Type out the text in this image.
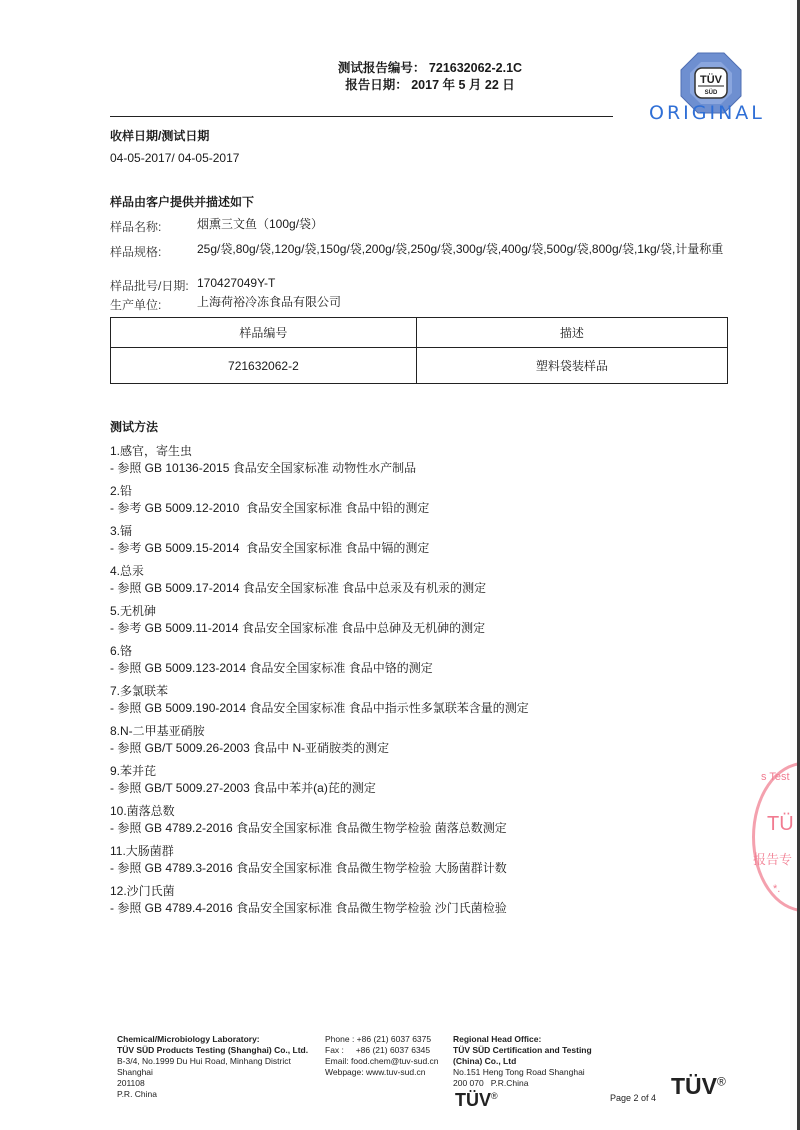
测试报告编号： 721632062-2.1C
报告日期： 2017 年 5 月 22 日	TÜV
SÜD
ORIGINAL
收样日期/测试日期
04-05-2017/ 04-05-2017
样品由客户提供并描述如下
样品名称:	烟熏三文鱼（100g/袋）
样品规格:	25g/袋,80g/袋,120g/袋,150g/袋,200g/袋,250g/袋,300g/袋,400g/袋,500g/袋,800g/袋,1kg/袋,计量称重
样品批号/日期: 170427049Y-T
生产单位:	上海荷裕冷冻食品有限公司
样品编号	描述
721632062-2	塑料袋装样品
测试方法
1.感官，寄生虫
- 参照 GB 10136-2015 食品安全国家标准 动物性水产制品
2.铅
- 参考 GB 5009.12-2010  食品安全国家标准 食品中铅的测定
3.镉
- 参考 GB 5009.15-2014  食品安全国家标准 食品中镉的测定
4.总汞
- 参照 GB 5009.17-2014 食品安全国家标准 食品中总汞及有机汞的测定
5.无机砷
- 参考 GB 5009.11-2014 食品安全国家标准 食品中总砷及无机砷的测定
6.铬
- 参照 GB 5009.123-2014 食品安全国家标准 食品中铬的测定
7.多氯联苯
- 参照 GB 5009.190-2014 食品安全国家标准 食品中指示性多氯联苯含量的测定
8.N-二甲基亚硝胺
- 参照 GB/T 5009.26-2003 食品中 N-亚硝胺类的测定
9.苯并芘
- 参照 GB/T 5009.27-2003 食品中苯并(a)芘的测定
10.菌落总数
- 参照 GB 4789.2-2016 食品安全国家标准 食品微生物学检验 菌落总数测定
11.大肠菌群
- 参照 GB 4789.3-2016 食品安全国家标准 食品微生物学检验 大肠菌群计数
12.沙门氏菌
- 参照 GB 4789.4-2016 食品安全国家标准 食品微生物学检验 沙门氏菌检验
s Test
TÜ
报告专
*.
Chemical/Microbiology Laboratory:
TÜV SÜD Products Testing (Shanghai) Co., Ltd.
B-3/4, No.1999 Du Hui Road, Minhang District
Shanghai
201108
P.R. China
Phone : +86 (21) 6037 6375
Fax :     +86 (21) 6037 6345
Email: food.chem@tuv-sud.cn
Webpage: www.tuv-sud.cn
Regional Head Office:
TÜV SÜD Certification and Testing
(China) Co., Ltd
No.151 Heng Tong Road Shanghai
200 070   P.R.China
TÜV®	Page 2 of 4 TÜV®
